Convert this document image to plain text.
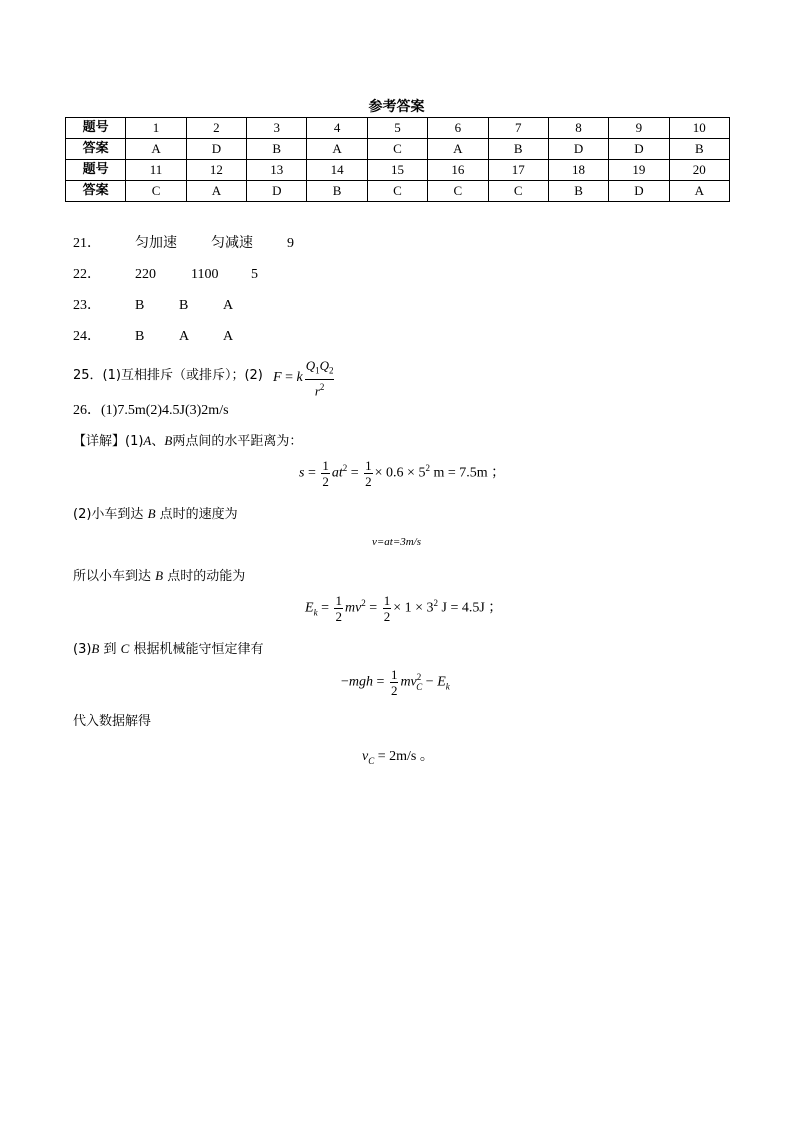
参考答案
题号	1	2	3	4	5	6	7	8	9	10
答案	A	D	B	A	C	A	B	D	D	B
题号	11	12	13	14	15	16	17	18	19	20
答案	C	A	D	B	C	C	C	B	D	A
21． 匀加速 匀减速 9
22． 220	1100 5
23． B B A
24． B A A
25．(1)互相排斥（或排斥）；(2) F = k $\frac{Q_1Q_2}{r^2}$
26．(1)7.5m(2)4.5J(3)2m/s
【详解】(1)A、B两点间的水平距离为：
$s = \frac{1}{2} at^2 = \frac{1}{2} \times 0.6 \times 5^2$ m = 7.5m ；
(2)小车到达 B 点时的速度为
v=at=3m/s
所以小车到达 B 点时的动能为
$E_k = \frac{1}{2} mv^2 = \frac{1}{2} \times 1 \times 3^2$ J = 4.5J ；
(3)B 到 C 根据机械能守恒定律有
$-mgh = \frac{1}{2} mv^2_C - E_k$
代入数据解得
$v_C = 2m/s$ 。
